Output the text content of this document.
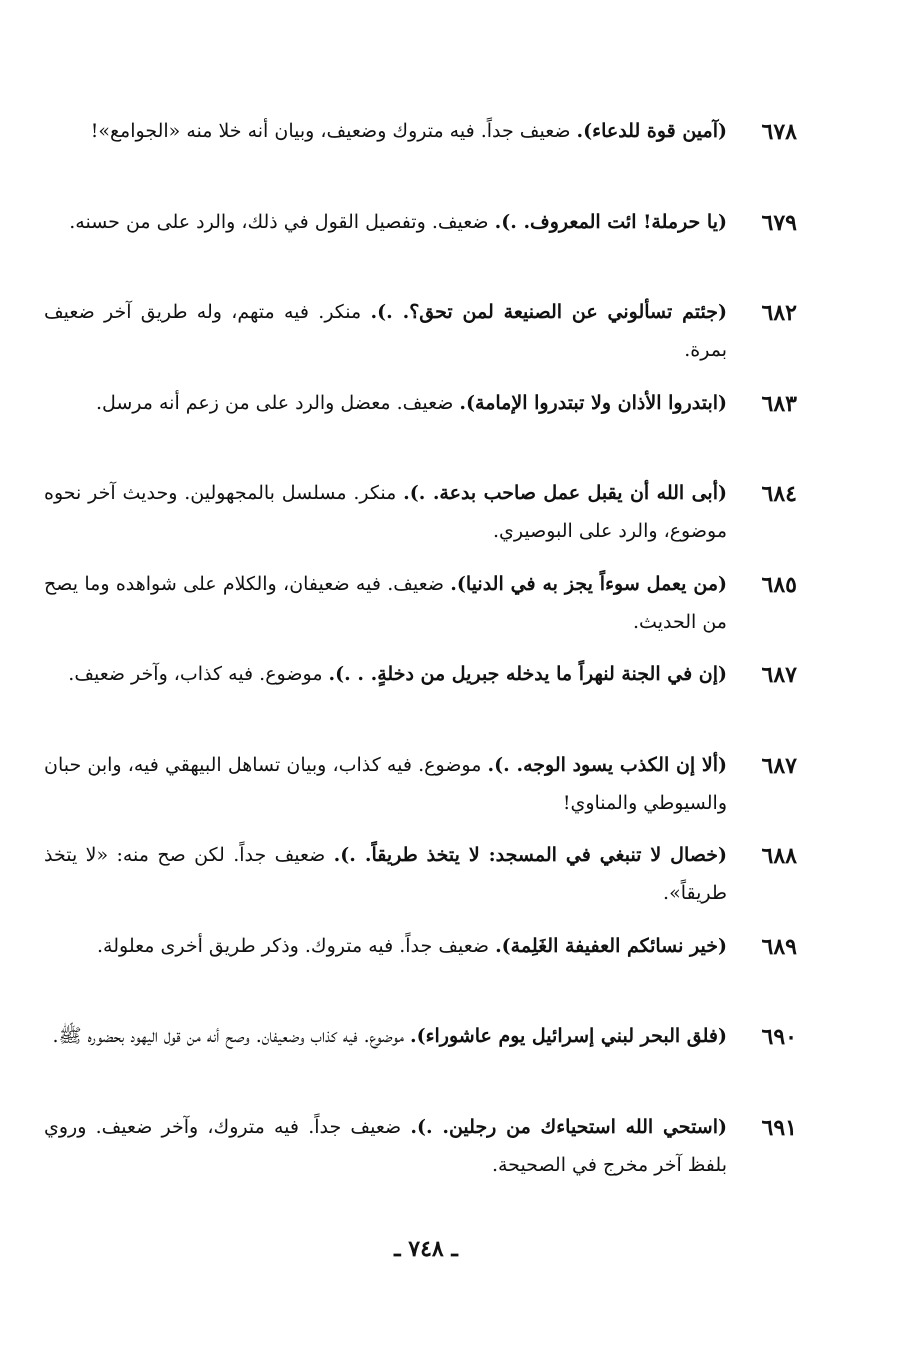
٦٧٨
(آمين قوة للدعاء). ضعيف جداً. فيه متروك وضعيف، وبيان أنه خلا منه «الجوامع»!
٦٧٩
(يا حرملة! ائت المعروف. .). ضعيف. وتفصيل القول في ذلك، والرد على من حسنه.
٦٨٢
(جئتم تسألوني عن الصنيعة لمن تحق؟. .). منكر. فيه متهم، وله طريق آخر ضعيف بمرة.
٦٨٣
(ابتدروا الأذان ولا تبتدروا الإمامة). ضعيف. معضل والرد على من زعم أنه مرسل.
٦٨٤
(أبى الله أن يقبل عمل صاحب بدعة. .). منكر. مسلسل بالمجهولين. وحديث آخر نحوه موضوع، والرد على البوصيري.
٦٨٥
(من يعمل سوءاً يجز به في الدنيا). ضعيف. فيه ضعيفان، والكلام على شواهده وما يصح من الحديث.
٦٨٧
(إن في الجنة لنهراً ما يدخله جبريل من دخلةٍ. . .). موضوع. فيه كذاب، وآخر ضعيف.
٦٨٧
(ألا إن الكذب يسود الوجه. .). موضوع. فيه كذاب، وبيان تساهل البيهقي فيه، وابن حبان والسيوطي والمناوي!
٦٨٨
(خصال لا تنبغي في المسجد: لا يتخذ طريقاً. .). ضعيف جداً. لكن صح منه: «لا يتخذ طريقاً».
٦٨٩
(خير نسائكم العفيفة الغَلِمة). ضعيف جداً. فيه متروك. وذكر طريق أخرى معلولة.
٦٩٠
(فلق البحر لبني إسرائيل يوم عاشوراء). موضوع. فيه كذاب وضعيفان. وصح أنه من قول اليهود بحضوره ﷺ.
٦٩١
(استحي الله استحياءك من رجلين. .). ضعيف جداً. فيه متروك، وآخر ضعيف. وروي بلفظ آخر مخرج في الصحيحة.
ـ ٧٤٨ ـ
